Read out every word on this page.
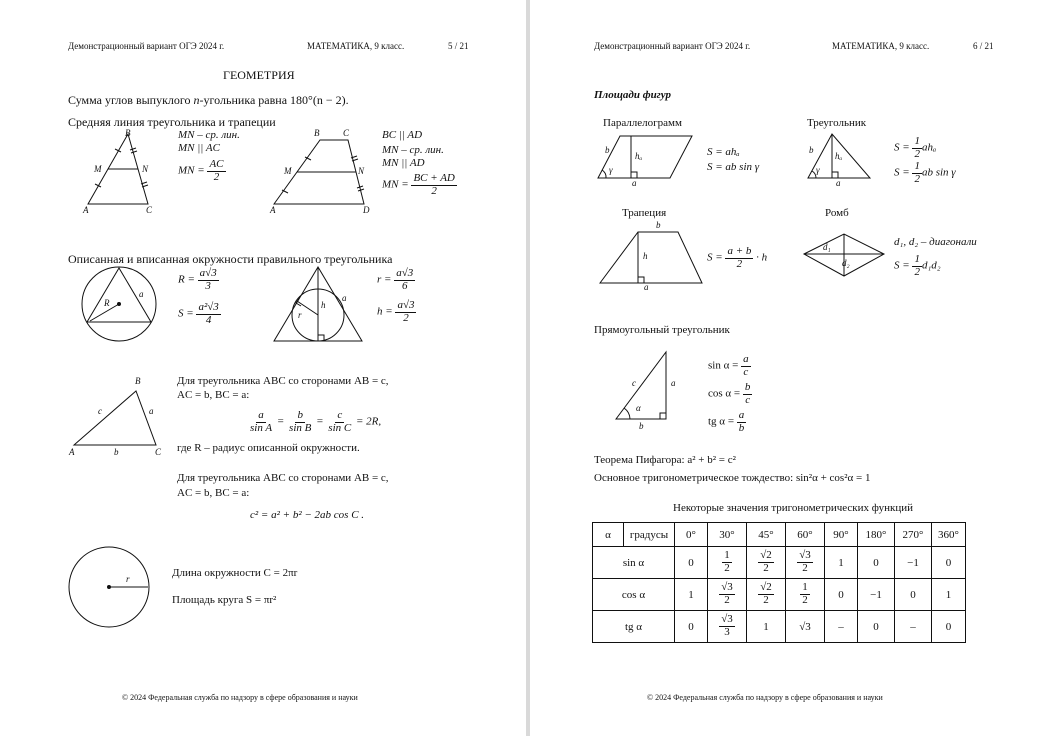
Демонстрационный вариант ОГЭ 2024 г.	МАТЕМАТИКА, 9 класс.	5 / 21
ГЕОМЕТРИЯ
Сумма углов выпуклого n-угольника равна 180°(n − 2).
Средняя линия треугольника и трапеции
B
M	N
A	C
MN – ср. лин.
MN || AC
MN = $\frac{AC}{2}$
B	C
M	N
A	D
BC || AD
MN – ср. лин.
MN || AD
MN = $\frac{BC + AD}{2}$
Описанная и вписанная окружности правильного треугольника
R
a
$R = \frac{a√3}{3}$
$S = \frac{\text{a²√3}}{4}$	h
r
a
$r = \frac{a√3}{6}$
$h = \frac{a√3}{2}$
B
c	a
A	b	C
Для треугольника ABC со сторонами AB = c,
AC = b, BC = a:
$\frac{a}{\text{sin A}} = \frac{b}{\text{sin B}} = \frac{c}{\text{sin C}} = 2R$,
где R – радиус описанной окружности.
Для треугольника ABC со сторонами AB = c,
AC = b, BC = a:
c² = a² + b² − 2ab cos C .
r	Длина окружности C = 2πr
Площадь круга S = πr²
© 2024 Федеральная служба по надзору в сфере образования и науки
Демонстрационный вариант ОГЭ 2024 г.	МАТЕМАТИКА, 9 класс.	6 / 21
Площади фигур
Параллелограмм
b
hₐ
γ
a
S = ahₐ
S = ab sin γ
Треугольник
b
hₐ
γ
a
$S = \frac{1}{2}$ ahₐ
$S = \frac{1}{2}$ ab sin γ
Трапеция
b
h
a
$S = \frac{a + b}{2} \cdot h$
Ромб
d₁
d₂
d₁, d₂ – диагонали
$S = \frac{1}{2} d_1d_2$
Прямоугольный треугольник
c	a
α
b
$\sin \alpha = \frac{a}{c}$
$\cos \alpha = \frac{b}{c}$
tg $\alpha = \frac{a}{b}$
Теорема Пифагора: a² + b² = c²
Основное тригонометрическое тождество: sin²α + cos²α = 1
Некоторые значения тригонометрических функций
α	градусы	0°	30°	45°	60°	90°	180°	270°	360°
sin α		0	$\frac{1}{2}$	$\frac{√2}{2}$	$\frac{√3}{2}$	1	0	−1	0
cos α		1	$\frac{√3}{2}$	$\frac{√2}{2}$	$\frac{1}{2}$	0	−1	0	1
tg α		0	$\frac{√3}{3}$	1	√3	–	0	–	0
© 2024 Федеральная служба по надзору в сфере образования и науки
